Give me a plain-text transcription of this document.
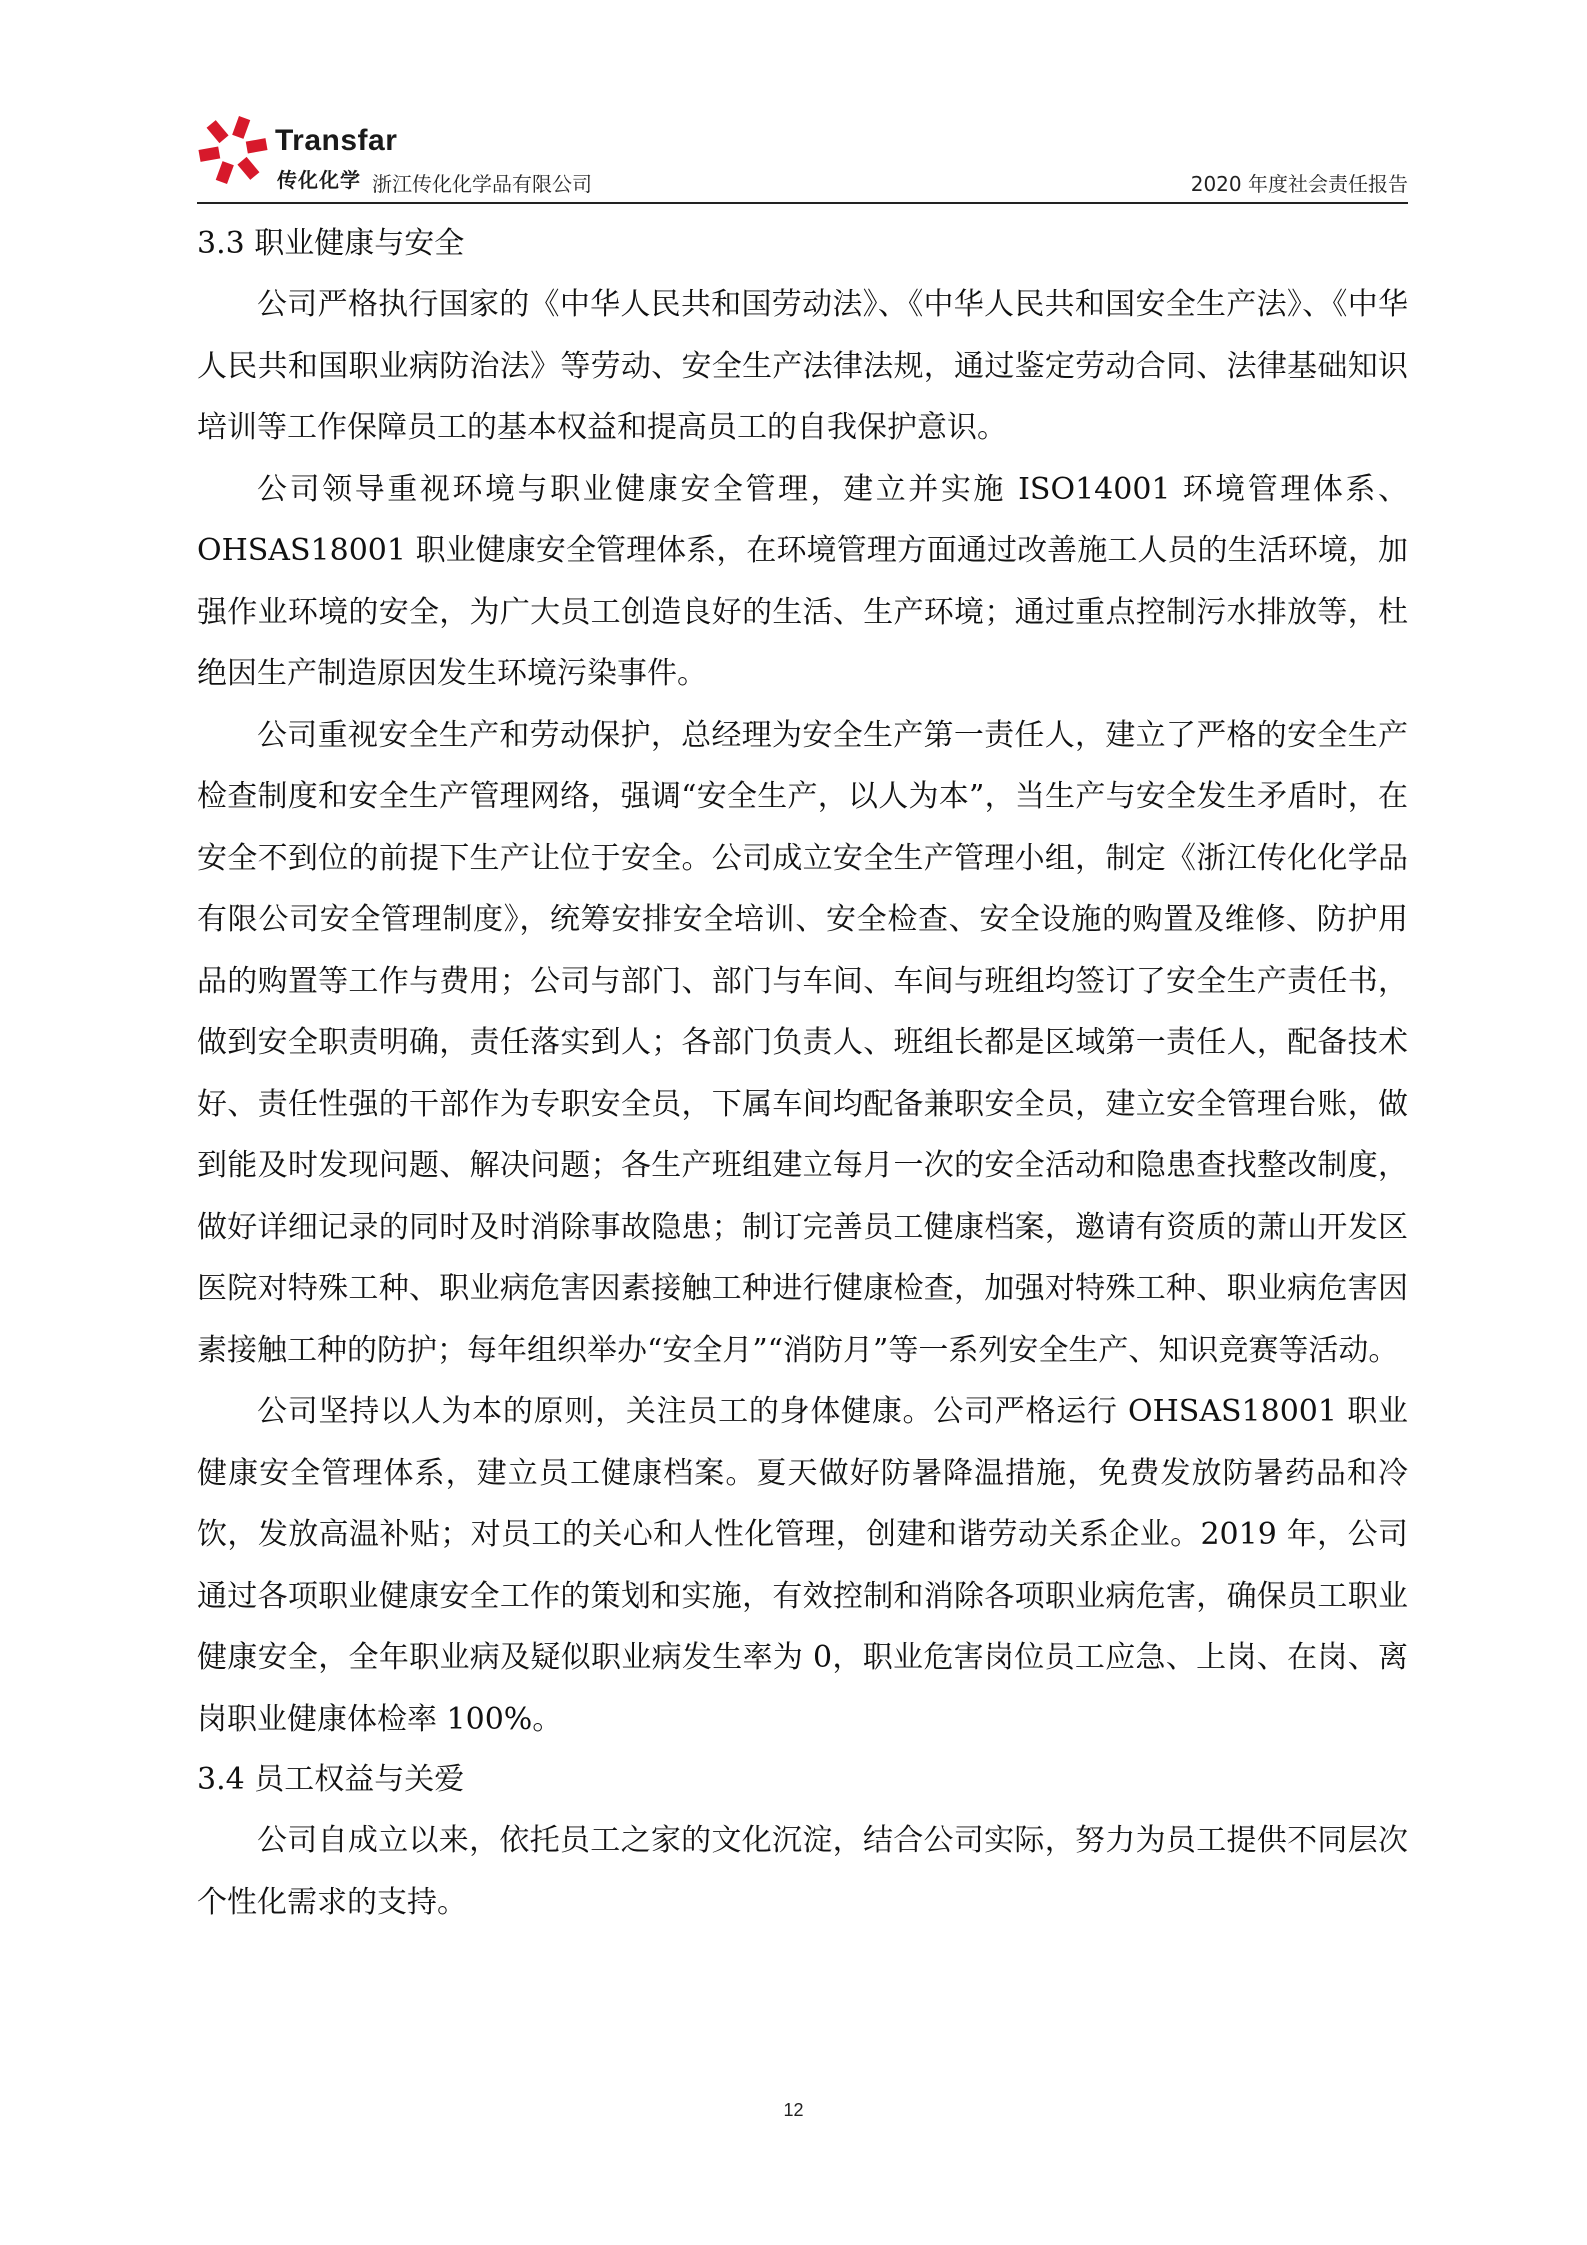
Transfar
传化化学 浙江传化化学品有限公司	2020 年度社会责任报告
3.3 职业健康与安全

公司严格执行国家的《中华人民共和国劳动法》、《中华人民共和国安全生产法》、《中华人民共和国职业病防治法》等劳动、安全生产法律法规，通过鉴定劳动合同、法律基础知识培训等工作保障员工的基本权益和提高员工的自我保护意识。

公司领导重视环境与职业健康安全管理，建立并实施 ISO14001 环境管理体系、OHSAS18001 职业健康安全管理体系，在环境管理方面通过改善施工人员的生活环境，加强作业环境的安全，为广大员工创造良好的生活、生产环境；通过重点控制污水排放等，杜绝因生产制造原因发生环境污染事件。

公司重视安全生产和劳动保护，总经理为安全生产第一责任人，建立了严格的安全生产检查制度和安全生产管理网络，强调“安全生产，以人为本”，当生产与安全发生矛盾时，在安全不到位的前提下生产让位于安全。公司成立安全生产管理小组，制定《浙江传化化学品有限公司安全管理制度》，统筹安排安全培训、安全检查、安全设施的购置及维修、防护用品的购置等工作与费用；公司与部门、部门与车间、车间与班组均签订了安全生产责任书，做到安全职责明确，责任落实到人；各部门负责人、班组长都是区域第一责任人，配备技术好、责任性强的干部作为专职安全员，下属车间均配备兼职安全员，建立安全管理台账，做到能及时发现问题、解决问题；各生产班组建立每月一次的安全活动和隐患查找整改制度，做好详细记录的同时及时消除事故隐患；制订完善员工健康档案，邀请有资质的萧山开发区医院对特殊工种、职业病危害因素接触工种进行健康检查，加强对特殊工种、职业病危害因素接触工种的防护；每年组织举办“安全月”“消防月”等一系列安全生产、知识竞赛等活动。

公司坚持以人为本的原则，关注员工的身体健康。公司严格运行 OHSAS18001 职业健康安全管理体系，建立员工健康档案。夏天做好防暑降温措施，免费发放防暑药品和冷饮，发放高温补贴；对员工的关心和人性化管理，创建和谐劳动关系企业。2019 年，公司通过各项职业健康安全工作的策划和实施，有效控制和消除各项职业病危害，确保员工职业健康安全，全年职业病及疑似职业病发生率为 0，职业危害岗位员工应急、上岗、在岗、离岗职业健康体检率 100%。

3.4 员工权益与关爱

公司自成立以来，依托员工之家的文化沉淀，结合公司实际，努力为员工提供不同层次个性化需求的支持。

12
